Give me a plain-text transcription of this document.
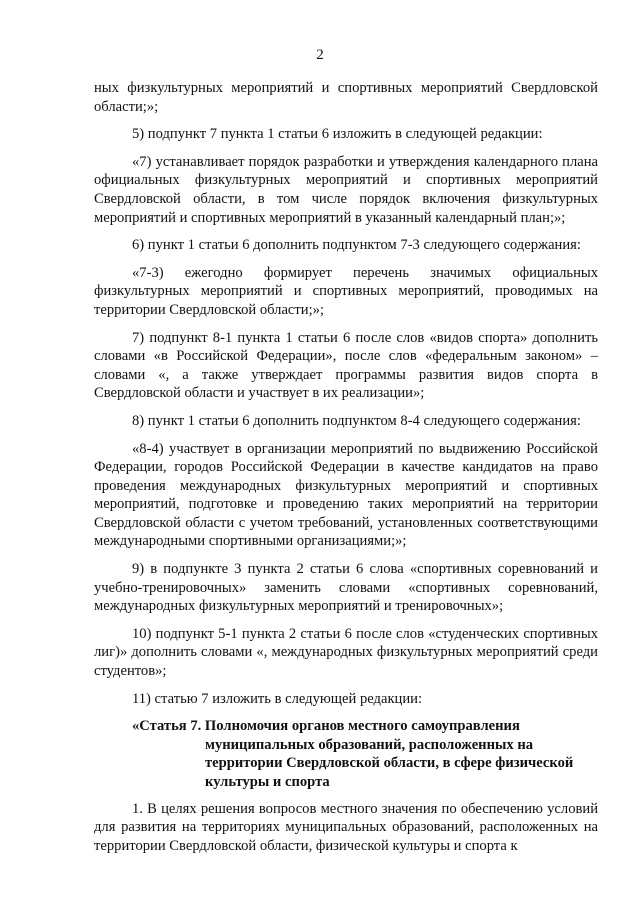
2

ных физкультурных мероприятий и спортивных мероприятий Свердловской области;»;

5) подпункт 7 пункта 1 статьи 6 изложить в следующей редакции:

«7) устанавливает порядок разработки и утверждения календарного плана официальных физкультурных мероприятий и спортивных мероприятий Свердловской области, в том числе порядок включения физкультурных мероприятий и спортивных мероприятий в указанный календарный план;»;

6) пункт 1 статьи 6 дополнить подпунктом 7-3 следующего содержания:

«7-3) ежегодно формирует перечень значимых официальных физкультурных мероприятий и спортивных мероприятий, проводимых на территории Свердловской области;»;

7) подпункт 8-1 пункта 1 статьи 6 после слов «видов спорта» дополнить словами «в Российской Федерации», после слов «федеральным законом» – словами «, а также утверждает программы развития видов спорта в Свердловской области и участвует в их реализации»;

8) пункт 1 статьи 6 дополнить подпунктом 8-4 следующего содержания:

«8-4) участвует в организации мероприятий по выдвижению Российской Федерации, городов Российской Федерации в качестве кандидатов на право проведения международных физкультурных мероприятий и спортивных мероприятий, подготовке и проведению таких мероприятий на территории Свердловской области с учетом требований, установленных соответствующими международными спортивными организациями;»;

9) в подпункте 3 пункта 2 статьи 6 слова «спортивных соревнований и учебно-тренировочных» заменить словами «спортивных соревнований, международных физкультурных мероприятий и тренировочных»;

10) подпункт 5-1 пункта 2 статьи 6 после слов «студенческих спортивных лиг)» дополнить словами «, международных физкультурных мероприятий среди студентов»;

11) статью 7 изложить в следующей редакции:

«Статья 7. Полномочия органов местного самоуправления
муниципальных образований, расположенных на территории Свердловской области, в сфере физической культуры и спорта

1. В целях решения вопросов местного значения по обеспечению условий для развития на территориях муниципальных образований, расположенных на территории Свердловской области, физической культуры и спорта к
